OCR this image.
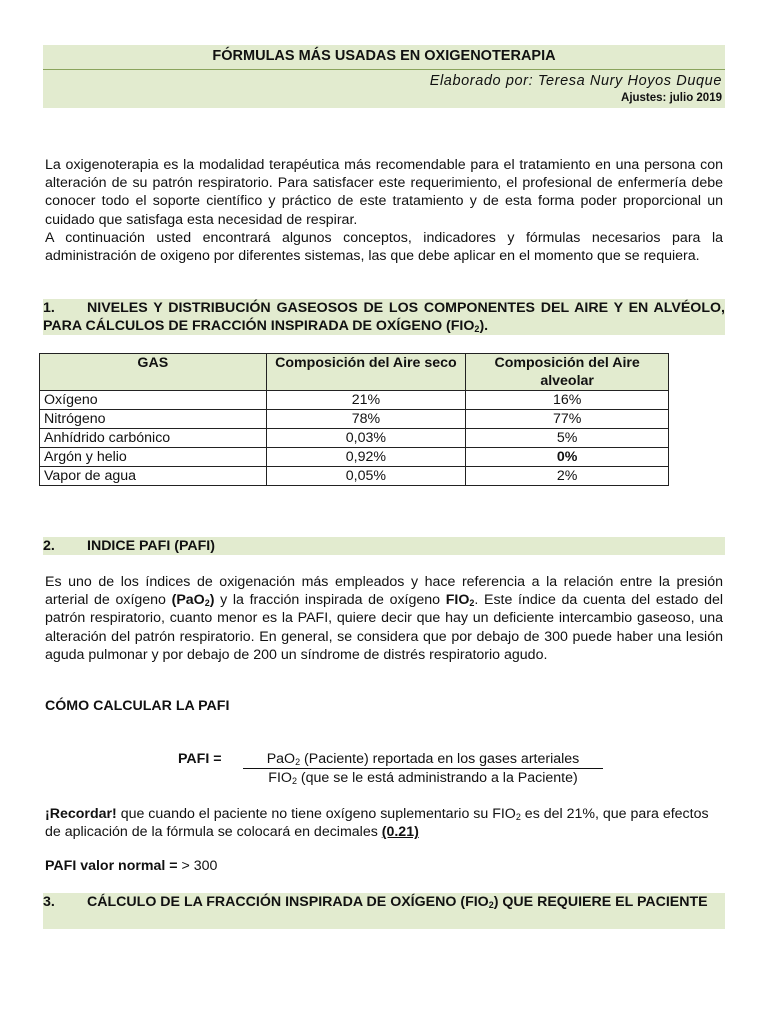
FÓRMULAS MÁS USADAS EN OXIGENOTERAPIA
Elaborado por: Teresa Nury Hoyos Duque
Ajustes: julio 2019

La oxigenoterapia es la modalidad terapéutica más recomendable para el tratamiento en una persona con alteración de su patrón respiratorio. Para satisfacer este requerimiento, el profesional de enfermería debe conocer todo el soporte científico y práctico de este tratamiento y de esta forma poder proporcional un cuidado que satisfaga esta necesidad de respirar.

A continuación usted encontrará algunos conceptos, indicadores y fórmulas necesarios para la administración de oxigeno por diferentes sistemas, las que debe aplicar en el momento que se requiera.

1. NIVELES Y DISTRIBUCIÓN GASEOSOS DE LOS COMPONENTES DEL AIRE Y EN ALVÉOLO, PARA CÁLCULOS DE FRACCIÓN INSPIRADA DE OXÍGENO $(FIO_2)$.

GAS	Composición del Aire seco	Composición del Aire alveolar
Oxígeno	21%	16%
Nitrógeno	78%	77%
Anhídrido carbónico	0,03%	5%
Argón y helio	0,92%	0%
Vapor de agua	0,05%	2%

2. INDICE PAFI (PAFI)

Es uno de los índices de oxigenación más empleados y hace referencia a la relación entre la presión arterial de oxígeno (PaO$_2$) y la fracción inspirada de oxígeno $FIO_2$. Este índice da cuenta del estado del patrón respiratorio, cuanto menor es la PAFI, quiere decir que hay un deficiente intercambio gaseoso, una alteración del patrón respiratorio. En general, se considera que por debajo de 300 puede haber una lesión aguda pulmonar y por debajo de 200 un síndrome de distrés respiratorio agudo.

CÓMO CALCULAR LA PAFI

PAFI =	PaO$_2$ (Paciente) reportada en los gases arteriales
$FIO_2$ (que se le está administrando a la Paciente)

¡Recordar! que cuando el paciente no tiene oxígeno suplementario su $FIO_2$ es del 21%, que para efectos de aplicación de la fórmula se colocará en decimales (0.21)

PAFI valor normal = > 300

3. CÁLCULO DE LA FRACCIÓN INSPIRADA DE OXÍGENO $(FIO_2)$ QUE REQUIERE EL PACIENTE
